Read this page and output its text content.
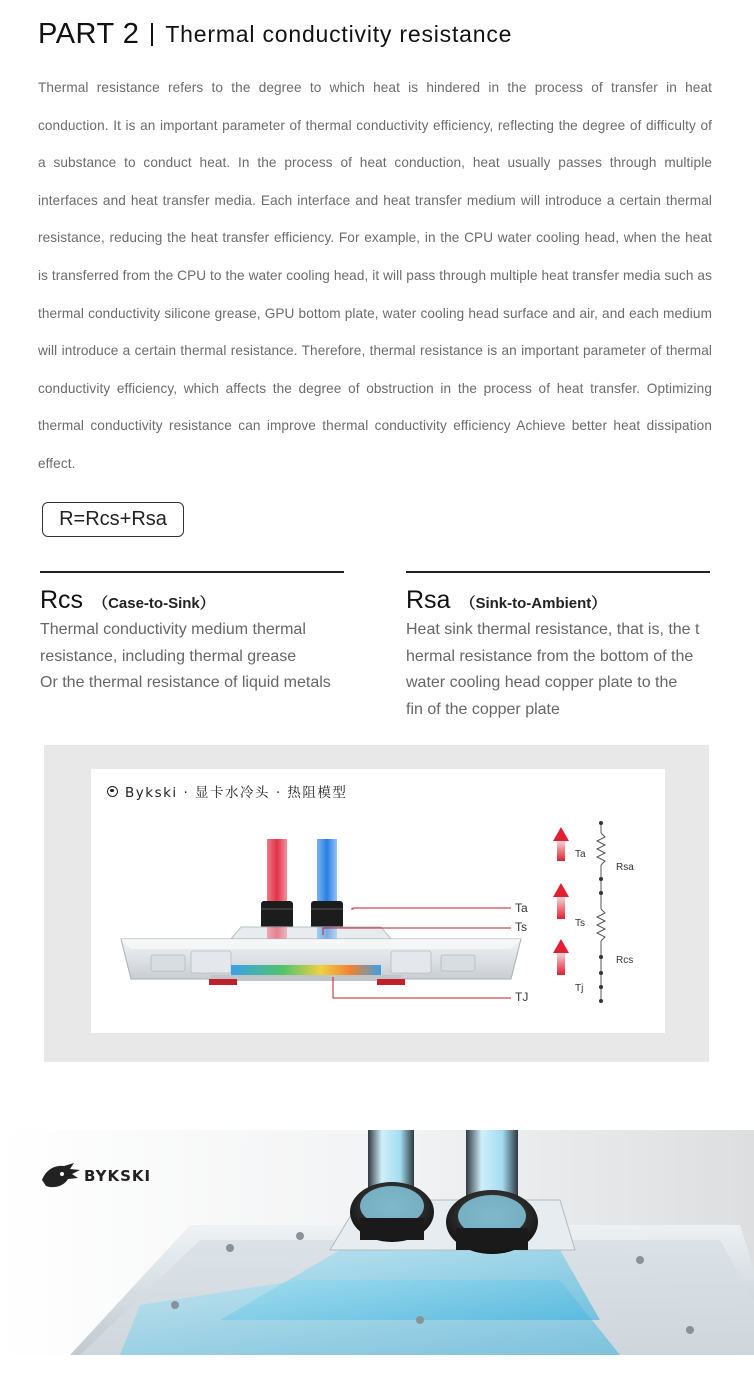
PART 2 Thermal conductivity resistance

Thermal resistance refers to the degree to which heat is hindered in the process of transfer in heat conduction. It is an important parameter of thermal conductivity efficiency, reflecting the degree of difficulty of a substance to conduct heat. In the process of heat conduction, heat usually passes through multiple interfaces and heat transfer media. Each interface and heat transfer medium will introduce a certain thermal resistance, reducing the heat transfer efficiency. For example, in the CPU water cooling head, when the heat is transferred from the CPU to the water cooling head, it will pass through multiple heat transfer media such as thermal conductivity silicone grease, GPU bottom plate, water cooling head surface and air, and each medium will introduce a certain thermal resistance. Therefore, thermal resistance is an important parameter of thermal conductivity efficiency, which affects the degree of obstruction in the process of heat transfer. Optimizing thermal conductivity resistance can improve thermal conductivity efficiency Achieve better heat dissipation effect.

R=Rcs+Rsa
Rcs （Case-to-Sink）
Thermal conductivity medium thermal
resistance, including thermal grease
Or the thermal resistance of liquid metals
Rsa （Sink-to-Ambient）
Heat sink thermal resistance, that is, the t
hermal resistance from the bottom of the
water cooling head copper plate to the
fin of the copper plate
Bykski · 显卡水冷头 · 热阻模型
Ta
Ts
TJ
Ta
Rsa
Ts
Rcs
Tj
BYKSKI
